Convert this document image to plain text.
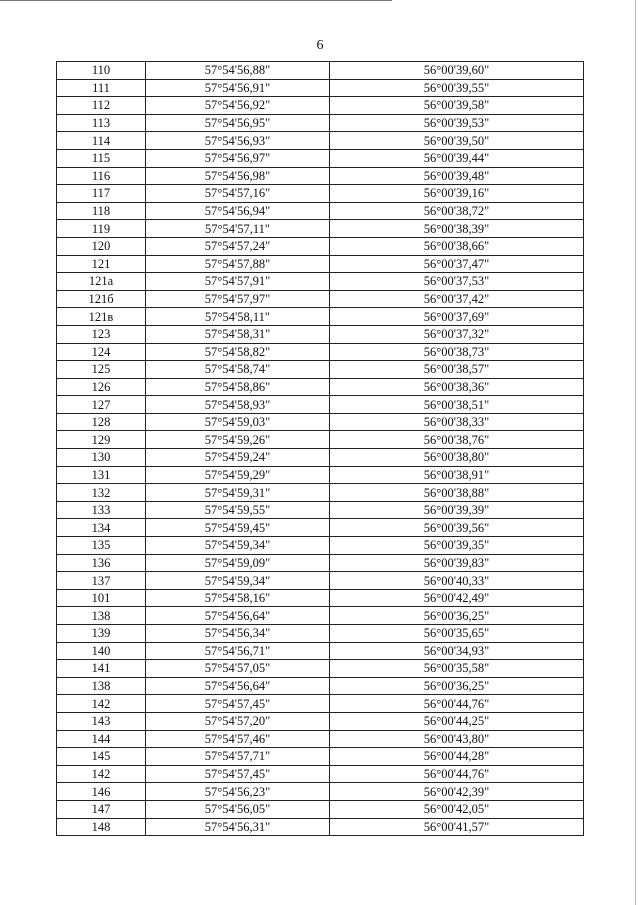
6
110	57°54'56,88"	56°00'39,60"
111	57°54'56,91"	56°00'39,55"
112	57°54'56,92"	56°00'39,58"
113	57°54'56,95"	56°00'39,53"
114	57°54'56,93"	56°00'39,50"
115	57°54'56,97"	56°00'39,44"
116	57°54'56,98"	56°00'39,48"
117	57°54'57,16"	56°00'39,16"
118	57°54'56,94"	56°00'38,72"
119	57°54'57,11"	56°00'38,39"
120	57°54'57,24"	56°00'38,66"
121	57°54'57,88"	56°00'37,47"
121а	57°54'57,91"	56°00'37,53"
121б	57°54'57,97"	56°00'37,42"
121в	57°54'58,11"	56°00'37,69"
123	57°54'58,31"	56°00'37,32"
124	57°54'58,82"	56°00'38,73"
125	57°54'58,74"	56°00'38,57"
126	57°54'58,86"	56°00'38,36"
127	57°54'58,93"	56°00'38,51"
128	57°54'59,03"	56°00'38,33"
129	57°54'59,26"	56°00'38,76"
130	57°54'59,24"	56°00'38,80"
131	57°54'59,29"	56°00'38,91"
132	57°54'59,31"	56°00'38,88"
133	57°54'59,55"	56°00'39,39"
134	57°54'59,45"	56°00'39,56"
135	57°54'59,34"	56°00'39,35"
136	57°54'59,09"	56°00'39,83"
137	57°54'59,34"	56°00'40,33"
101	57°54'58,16"	56°00'42,49"
138	57°54'56,64"	56°00'36,25"
139	57°54'56,34"	56°00'35,65"
140	57°54'56,71"	56°00'34,93"
141	57°54'57,05"	56°00'35,58"
138	57°54'56,64"	56°00'36,25"
142	57°54'57,45"	56°00'44,76"
143	57°54'57,20"	56°00'44,25"
144	57°54'57,46"	56°00'43,80"
145	57°54'57,71"	56°00'44,28"
142	57°54'57,45"	56°00'44,76"
146	57°54'56,23"	56°00'42,39"
147	57°54'56,05"	56°00'42,05"
148	57°54'56,31"	56°00'41,57"
